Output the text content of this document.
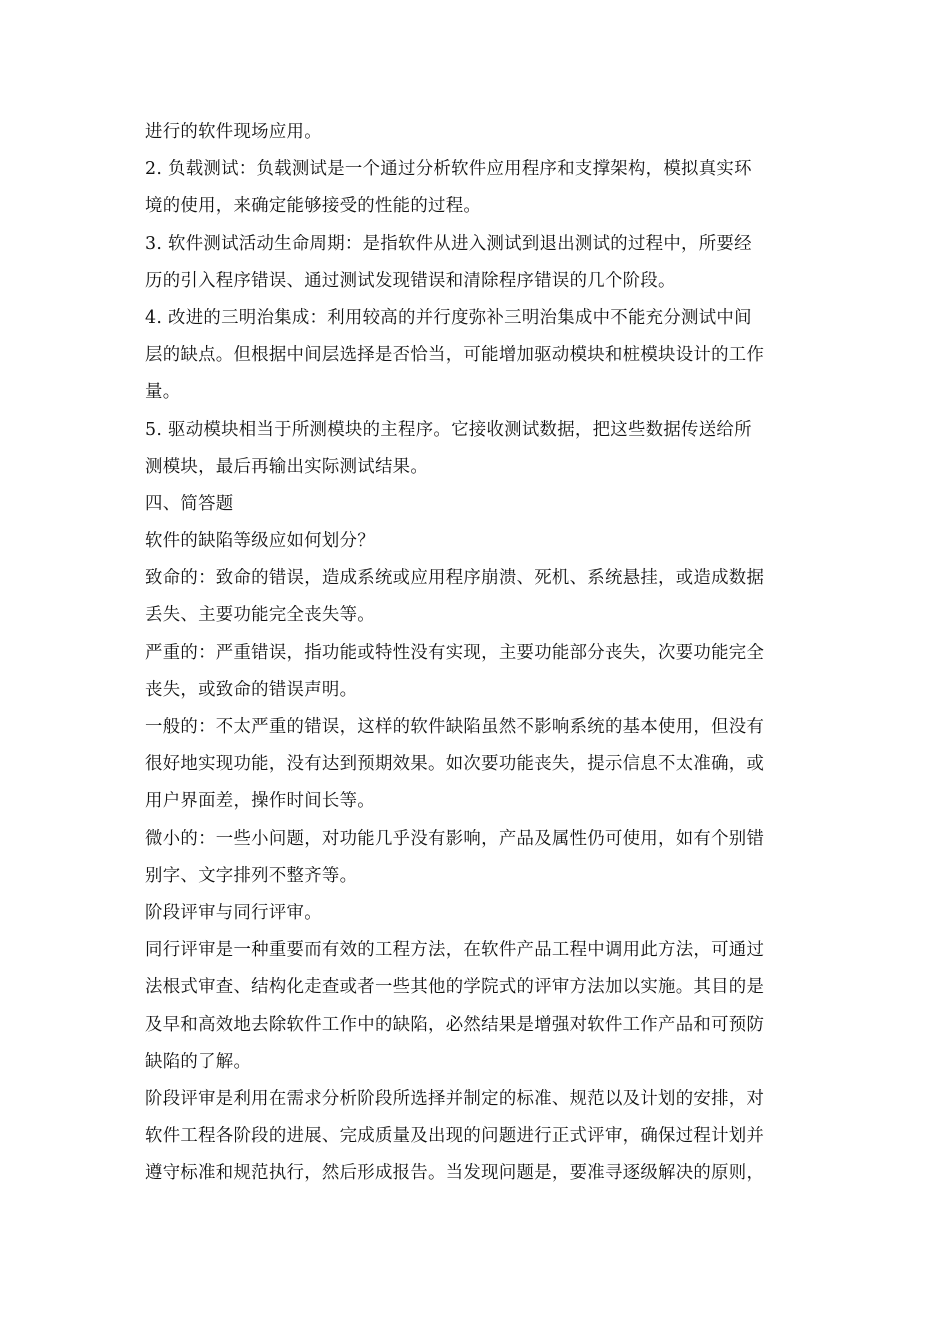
进行的软件现场应用。
2. 负载测试：负载测试是一个通过分析软件应用程序和支撑架构，模拟真实环
境的使用，来确定能够接受的性能的过程。
3. 软件测试活动生命周期：是指软件从进入测试到退出测试的过程中，所要经
历的引入程序错误、通过测试发现错误和清除程序错误的几个阶段。
4. 改进的三明治集成：利用较高的并行度弥补三明治集成中不能充分测试中间
层的缺点。但根据中间层选择是否恰当，可能增加驱动模块和桩模块设计的工作
量。
5. 驱动模块相当于所测模块的主程序。它接收测试数据，把这些数据传送给所
测模块，最后再输出实际测试结果。
四、简答题
软件的缺陷等级应如何划分？
致命的：致命的错误，造成系统或应用程序崩溃、死机、系统悬挂，或造成数据
丢失、主要功能完全丧失等。
严重的：严重错误，指功能或特性没有实现，主要功能部分丧失，次要功能完全
丧失，或致命的错误声明。
一般的：不太严重的错误，这样的软件缺陷虽然不影响系统的基本使用，但没有
很好地实现功能，没有达到预期效果。如次要功能丧失，提示信息不太准确，或
用户界面差，操作时间长等。
微小的：一些小问题，对功能几乎没有影响，产品及属性仍可使用，如有个别错
别字、文字排列不整齐等。
阶段评审与同行评审。
同行评审是一种重要而有效的工程方法，在软件产品工程中调用此方法，可通过
法根式审查、结构化走查或者一些其他的学院式的评审方法加以实施。其目的是
及早和高效地去除软件工作中的缺陷，必然结果是增强对软件工作产品和可预防
缺陷的了解。
阶段评审是利用在需求分析阶段所选择并制定的标准、规范以及计划的安排，对
软件工程各阶段的进展、完成质量及出现的问题进行正式评审，确保过程计划并
遵守标准和规范执行，然后形成报告。当发现问题是，要准寻逐级解决的原则，
